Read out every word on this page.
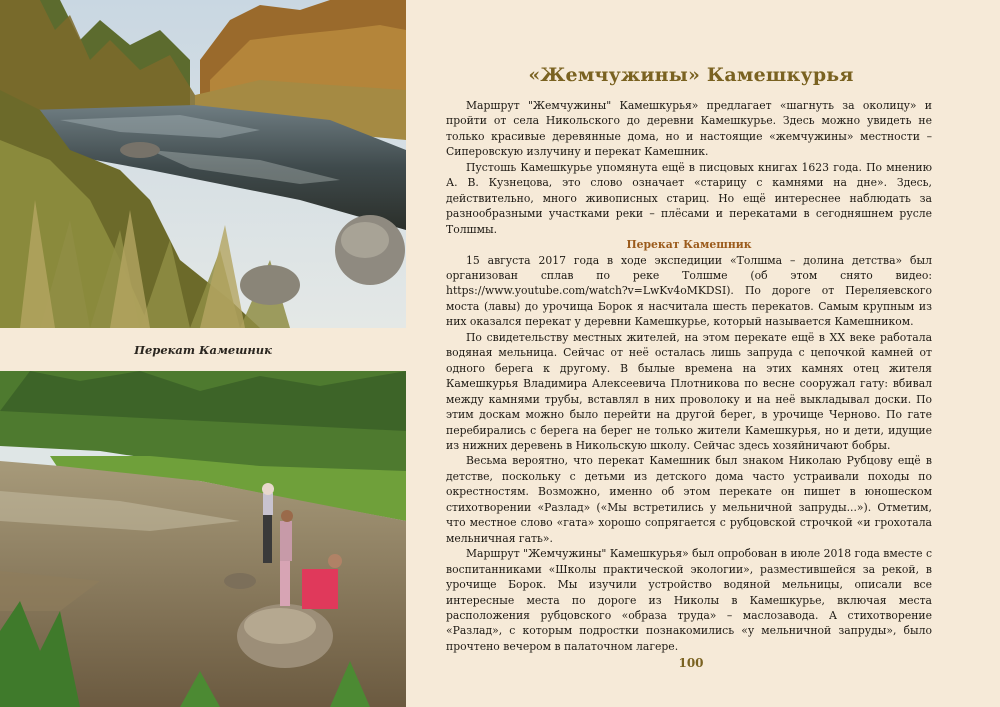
Перекат Камешник
«Жемчужины» Камешкурья

Маршрут "Жемчужины" Камешкурья» предлагает «шагнуть за околицу» и пройти от села Никольского до деревни Камешкурье. Здесь можно увидеть не только красивые деревянные дома, но и настоящие «жемчужины» местности – Сиперовскую излучину и перекат Камешник.

Пустошь Камешкурье упомянута ещё в писцовых книгах 1623 года. По мнению А. В. Кузнецова, это слово означает «старицу с камнями на дне». Здесь, действительно, много живописных стариц. Но ещё интереснее наблюдать за разнообразными участками реки – плёсами и перекатами в сегодняшнем русле Толшмы.

Перекат Камешник

15 августа 2017 года в ходе экспедиции «Толшма – долина детства» был организован сплав по реке Толшме (об этом снято видео: https://www.youtube.com/watch?v=LwKv4oMKDSI). По дороге от Переляевского моста (лавы) до урочища Борок я насчитала шесть перекатов. Самым крупным из них оказался перекат у деревни Камешкурье, который называется Камешником.

По свидетельству местных жителей, на этом перекате ещё в XX веке работала водяная мельница. Сейчас от неё осталась лишь запруда с цепочкой камней от одного берега к другому. В былые времена на этих камнях отец жителя Камешкурья Владимира Алексеевича Плотникова по весне сооружал гату: вбивал между камнями трубы, вставлял в них проволоку и на неё выкладывал доски. По этим доскам можно было перейти на другой берег, в урочище Черново. По гате перебирались с берега на берег не только жители Камешкурья, но и дети, идущие из нижних деревень в Никольскую школу. Сейчас здесь хозяйничают бобры.

Весьма вероятно, что перекат Камешник был знаком Николаю Рубцову ещё в детстве, поскольку с детьми из детского дома часто устраивали походы по окрестностям. Возможно, именно об этом перекате он пишет в юношеском стихотворении «Разлад» («Мы встретились у мельничной запруды...»). Отметим, что местное слово «гата» хорошо сопрягается с рубцовской строчкой «и грохотала мельничная гать».

Маршрут "Жемчужины" Камешкурья» был опробован в июле 2018 года вместе с воспитанниками «Школы практической экологии», разместившейся за рекой, в урочище Борок. Мы изучили устройство водяной мельницы, описали все интересные места по дороге из Николы в Камешкурье, включая места расположения рубцовского «образа труда» – маслозавода. А стихотворение «Разлад», с которым подростки познакомились «у мельничной запруды», было прочтено вечером в палаточном лагере.

100
